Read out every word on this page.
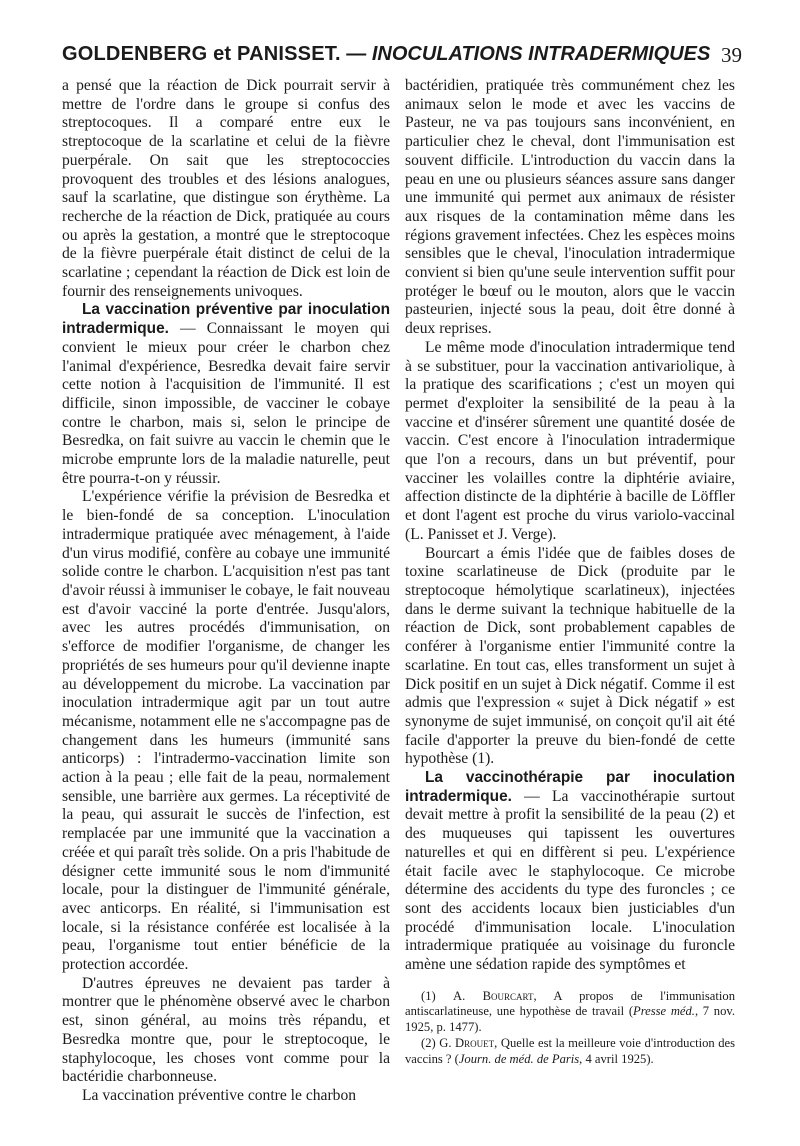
GOLDENBERG et PANISSET. — INOCULATIONS INTRADERMIQUES 39

a pensé que la réaction de Dick pourrait servir à mettre de l'ordre dans le groupe si confus des streptocoques. Il a comparé entre eux le streptocoque de la scarlatine et celui de la fièvre puerpérale. On sait que les streptococcies provoquent des troubles et des lésions analogues, sauf la scarlatine, que distingue son érythème. La recherche de la réaction de Dick, pratiquée au cours ou après la gestation, a montré que le streptocoque de la fièvre puerpérale était distinct de celui de la scarlatine ; cependant la réaction de Dick est loin de fournir des renseignements univoques.

La vaccination préventive par inoculation intradermique. — Connaissant le moyen qui convient le mieux pour créer le charbon chez l'animal d'expérience, Besredka devait faire servir cette notion à l'acquisition de l'immunité. Il est difficile, sinon impossible, de vacciner le cobaye contre le charbon, mais si, selon le principe de Besredka, on fait suivre au vaccin le chemin que le microbe emprunte lors de la maladie naturelle, peut être pourra-t-on y réussir.

L'expérience vérifie la prévision de Besredka et le bien-fondé de sa conception. L'inoculation intradermique pratiquée avec ménagement, à l'aide d'un virus modifié, confère au cobaye une immunité solide contre le charbon. L'acquisition n'est pas tant d'avoir réussi à immuniser le cobaye, le fait nouveau est d'avoir vacciné la porte d'entrée. Jusqu'alors, avec les autres procédés d'immunisation, on s'efforce de modifier l'organisme, de changer les propriétés de ses humeurs pour qu'il devienne inapte au développement du microbe. La vaccination par inoculation intradermique agit par un tout autre mécanisme, notamment elle ne s'accompagne pas de changement dans les humeurs (immunité sans anticorps) : l'intradermo-vaccination limite son action à la peau ; elle fait de la peau, normalement sensible, une barrière aux germes. La réceptivité de la peau, qui assurait le succès de l'infection, est remplacée par une immunité que la vaccination a créée et qui paraît très solide. On a pris l'habitude de désigner cette immunité sous le nom d'immunité locale, pour la distinguer de l'immunité générale, avec anticorps. En réalité, si l'immunisation est locale, si la résistance conférée est localisée à la peau, l'organisme tout entier bénéficie de la protection accordée.

D'autres épreuves ne devaient pas tarder à montrer que le phénomène observé avec le charbon est, sinon général, au moins très répandu, et Besredka montre que, pour le streptocoque, le staphylocoque, les choses vont comme pour la bactéridie charbonneuse.

La vaccination préventive contre le charbon

bactéridien, pratiquée très communément chez les animaux selon le mode et avec les vaccins de Pasteur, ne va pas toujours sans inconvénient, en particulier chez le cheval, dont l'immunisation est souvent difficile. L'introduction du vaccin dans la peau en une ou plusieurs séances assure sans danger une immunité qui permet aux animaux de résister aux risques de la contamination même dans les régions gravement infectées. Chez les espèces moins sensibles que le cheval, l'inoculation intradermique convient si bien qu'une seule intervention suffit pour protéger le bœuf ou le mouton, alors que le vaccin pasteurien, injecté sous la peau, doit être donné à deux reprises.

Le même mode d'inoculation intradermique tend à se substituer, pour la vaccination antivariolique, à la pratique des scarifications ; c'est un moyen qui permet d'exploiter la sensibilité de la peau à la vaccine et d'insérer sûrement une quantité dosée de vaccin. C'est encore à l'inoculation intradermique que l'on a recours, dans un but préventif, pour vacciner les volailles contre la diphtérie aviaire, affection distincte de la diphtérie à bacille de Löffler et dont l'agent est proche du virus variolo-vaccinal (L. Panisset et J. Verge).

Bourcart a émis l'idée que de faibles doses de toxine scarlatineuse de Dick (produite par le streptocoque hémolytique scarlatineux), injectées dans le derme suivant la technique habituelle de la réaction de Dick, sont probablement capables de conférer à l'organisme entier l'immunité contre la scarlatine. En tout cas, elles transforment un sujet à Dick positif en un sujet à Dick négatif. Comme il est admis que l'expression « sujet à Dick négatif » est synonyme de sujet immunisé, on conçoit qu'il ait été facile d'apporter la preuve du bien-fondé de cette hypothèse (1).

La vaccinothérapie par inoculation intradermique. — La vaccinothérapie surtout devait mettre à profit la sensibilité de la peau (2) et des muqueuses qui tapissent les ouvertures naturelles et qui en diffèrent si peu. L'expérience était facile avec le staphylocoque. Ce microbe détermine des accidents du type des furoncles ; ce sont des accidents locaux bien justiciables d'un procédé d'immunisation locale. L'inoculation intradermique pratiquée au voisinage du furoncle amène une sédation rapide des symptômes et

(1) A. Bourcart, A propos de l'immunisation antiscarlatineuse, une hypothèse de travail (Presse méd., 7 nov. 1925, p. 1477).

(2) G. Drouet, Quelle est la meilleure voie d'introduction des vaccins ? (Journ. de méd. de Paris, 4 avril 1925).
